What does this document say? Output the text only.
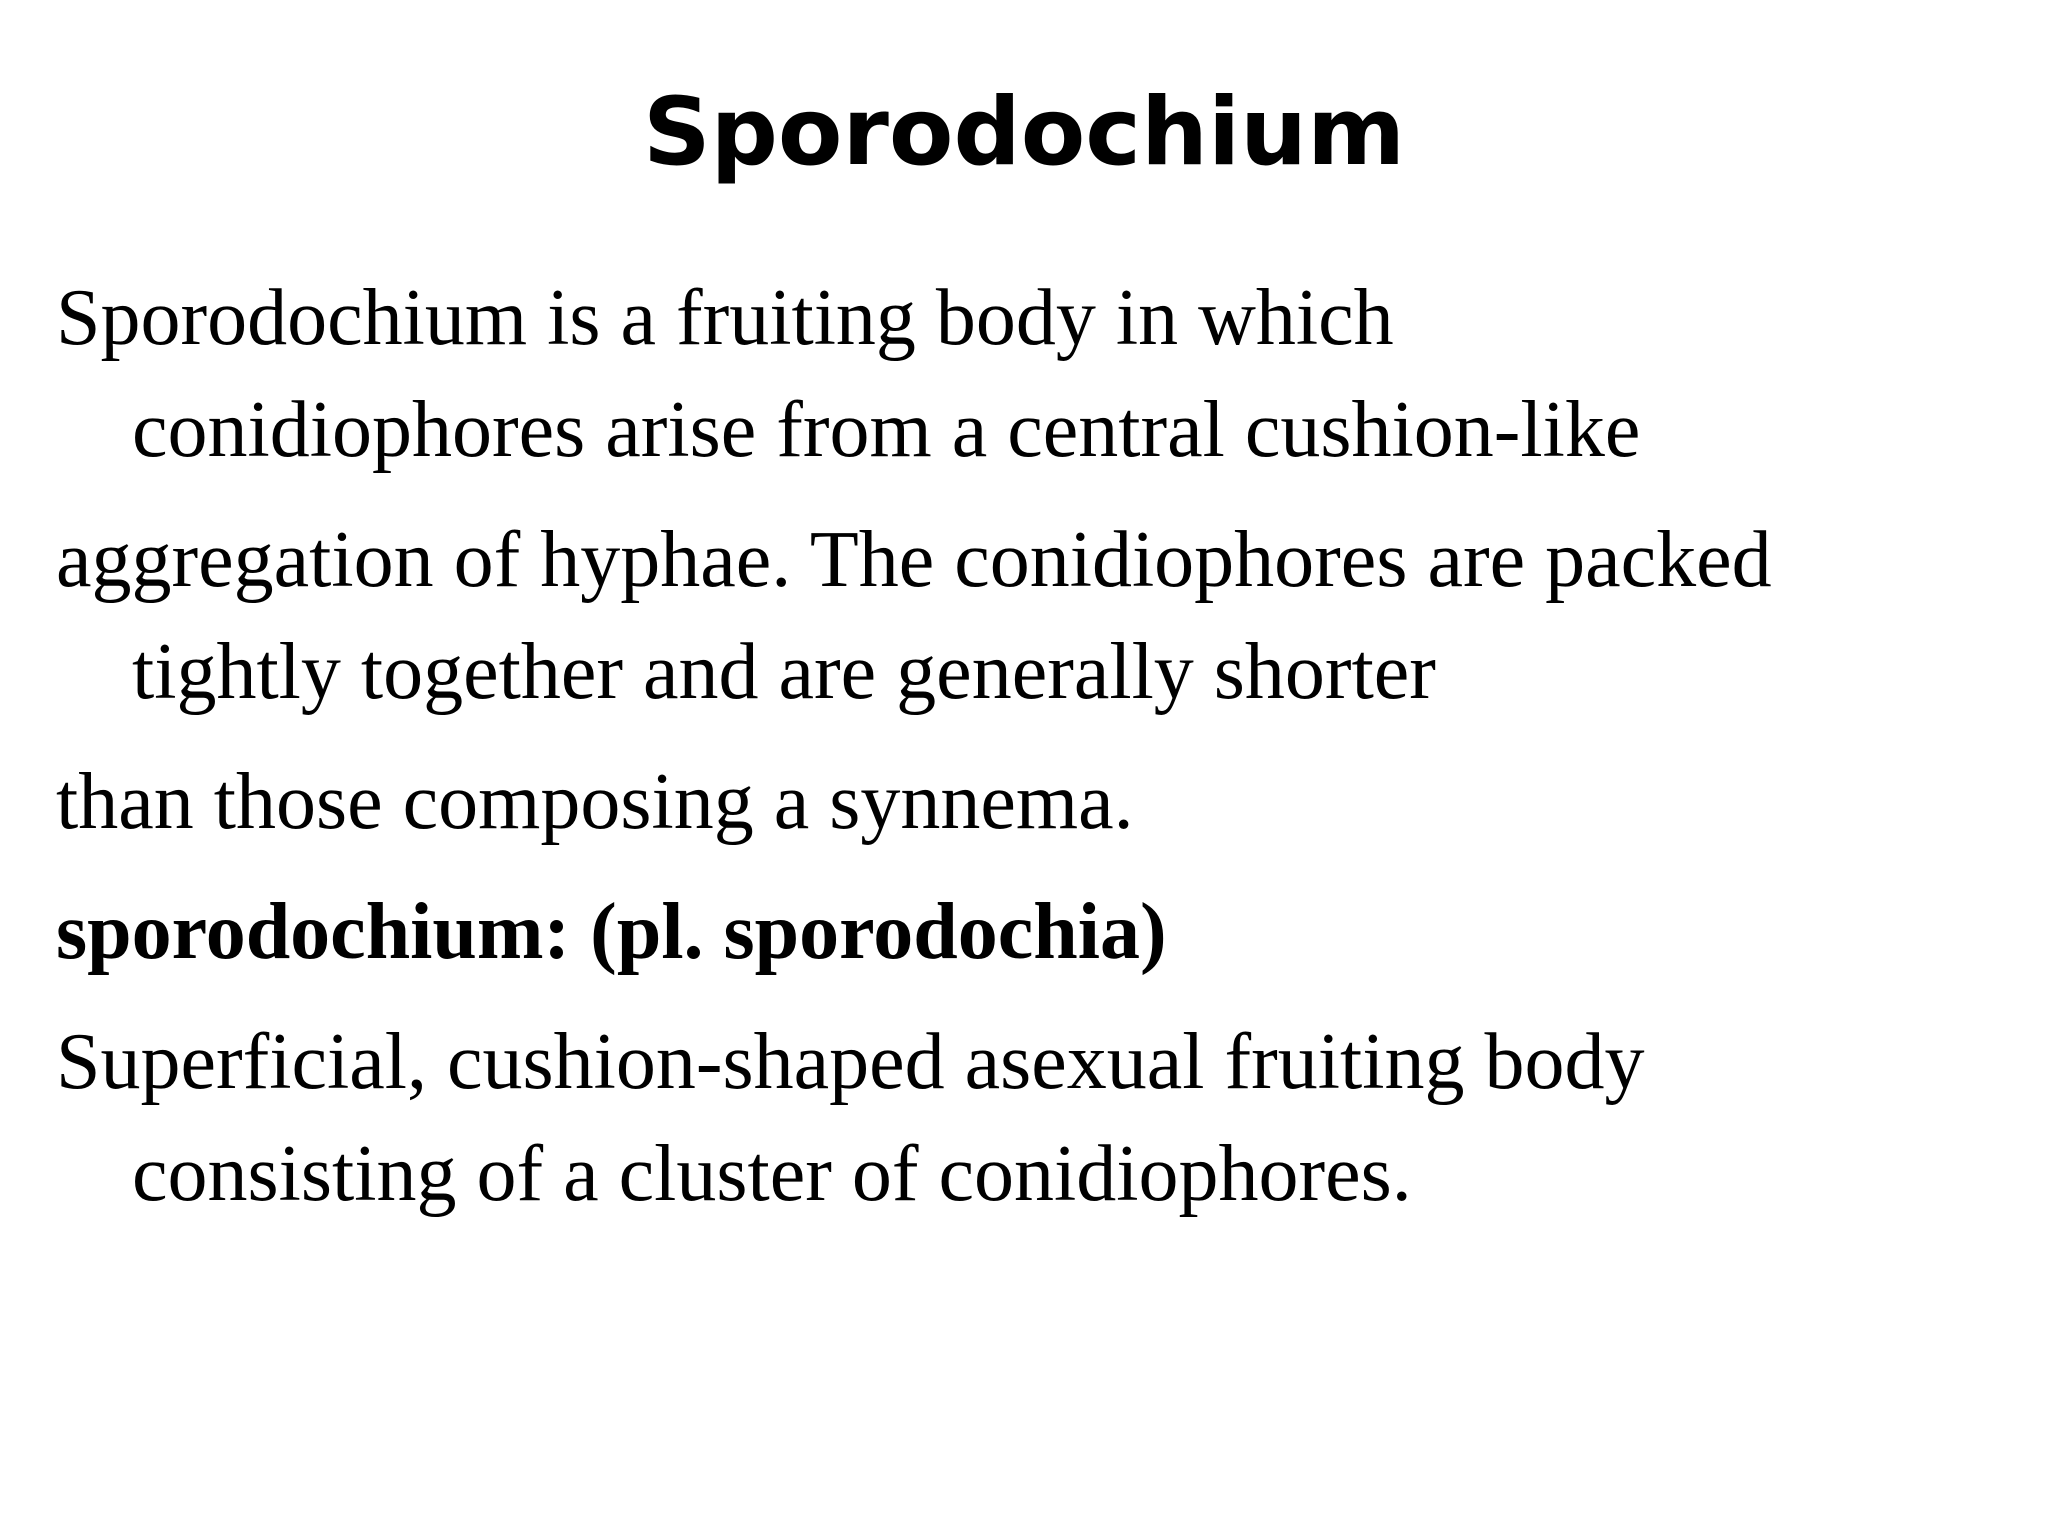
Sporodochium
Sporodochium is a fruiting body in which
conidiophores arise from a central cushion-like
aggregation of hyphae. The conidiophores are packed
tightly together and are generally shorter
than those composing a synnema.
sporodochium: (pl. sporodochia)
Superficial, cushion-shaped asexual fruiting body
consisting of a cluster of conidiophores.
